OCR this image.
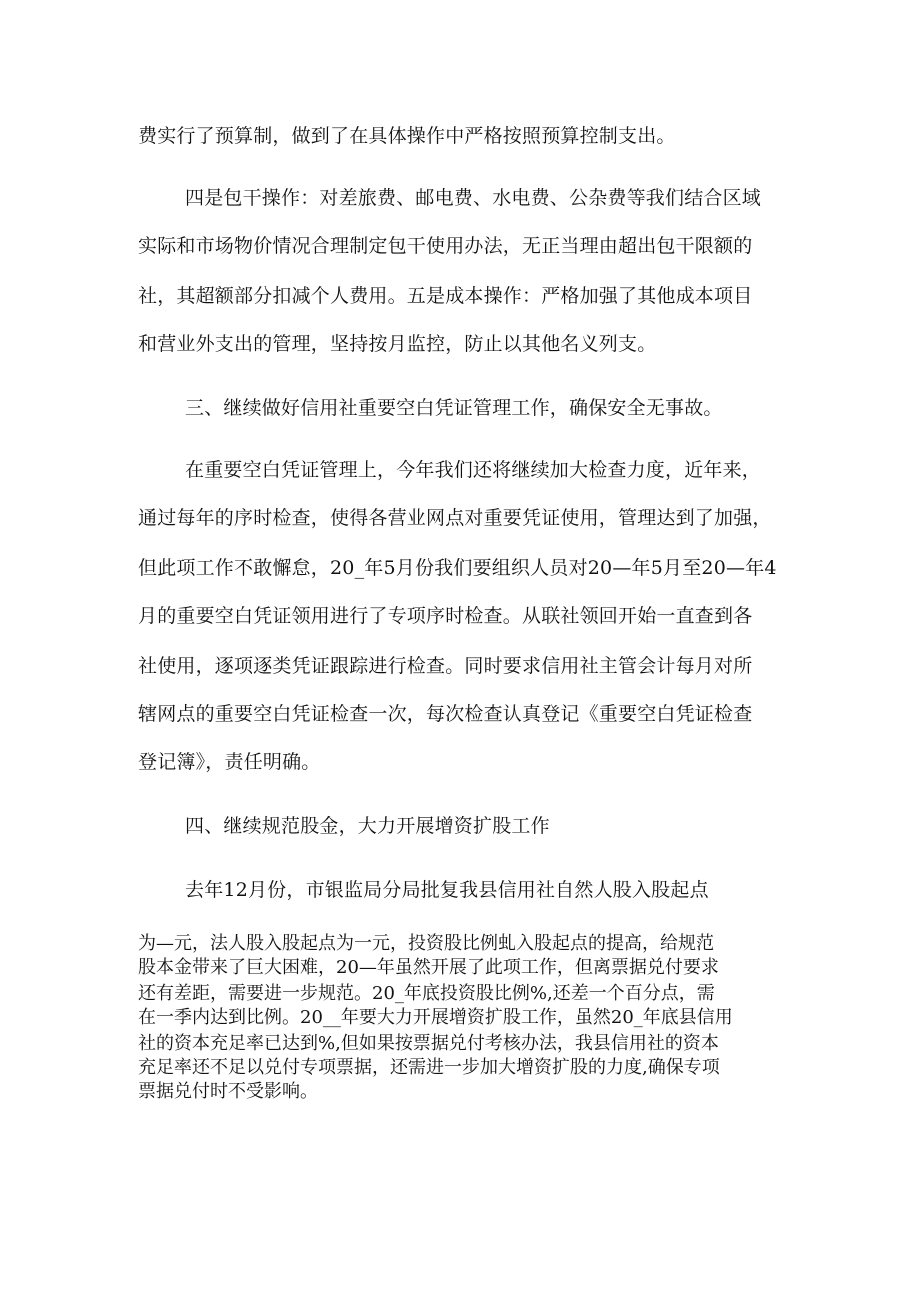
费实行了预算制，做到了在具体操作中严格按照预算控制支出。
四是包干操作：对差旅费、邮电费、水电费、公杂费等我们结合区域
实际和市场物价情况合理制定包干使用办法，无正当理由超出包干限额的
社，其超额部分扣减个人费用。五是成本操作：严格加强了其他成本项目
和营业外支出的管理，坚持按月监控，防止以其他名义列支。
三、继续做好信用社重要空白凭证管理工作，确保安全无事故。
在重要空白凭证管理上，今年我们还将继续加大检查力度，近年来，
通过每年的序时检查，使得各营业网点对重要凭证使用，管理达到了加强，
但此项工作不敢懈怠，20_年5月份我们要组织人员对20—年5月至20—年4
月的重要空白凭证领用进行了专项序时检查。从联社领回开始一直查到各
社使用，逐项逐类凭证跟踪进行检查。同时要求信用社主管会计每月对所
辖网点的重要空白凭证检查一次，每次检查认真登记《重要空白凭证检查
登记簿》，责任明确。
四、继续规范股金，大力开展增资扩股工作
去年12月份，市银监局分局批复我县信用社自然人股入股起点
为—元，法人股入股起点为一元，投资股比例虬入股起点的提高，给规范
股本金带来了巨大困难，20—年虽然开展了此项工作，但离票据兑付要求
还有差距，需要进一步规范。20_年底投资股比例%,还差一个百分点，需
在一季内达到比例。20__年要大力开展增资扩股工作，虽然20_年底县信用
社的资本充足率已达到%,但如果按票据兑付考核办法，我县信用社的资本
充足率还不足以兑付专项票据，还需进一步加大增资扩股的力度,确保专项
票据兑付时不受影响。
